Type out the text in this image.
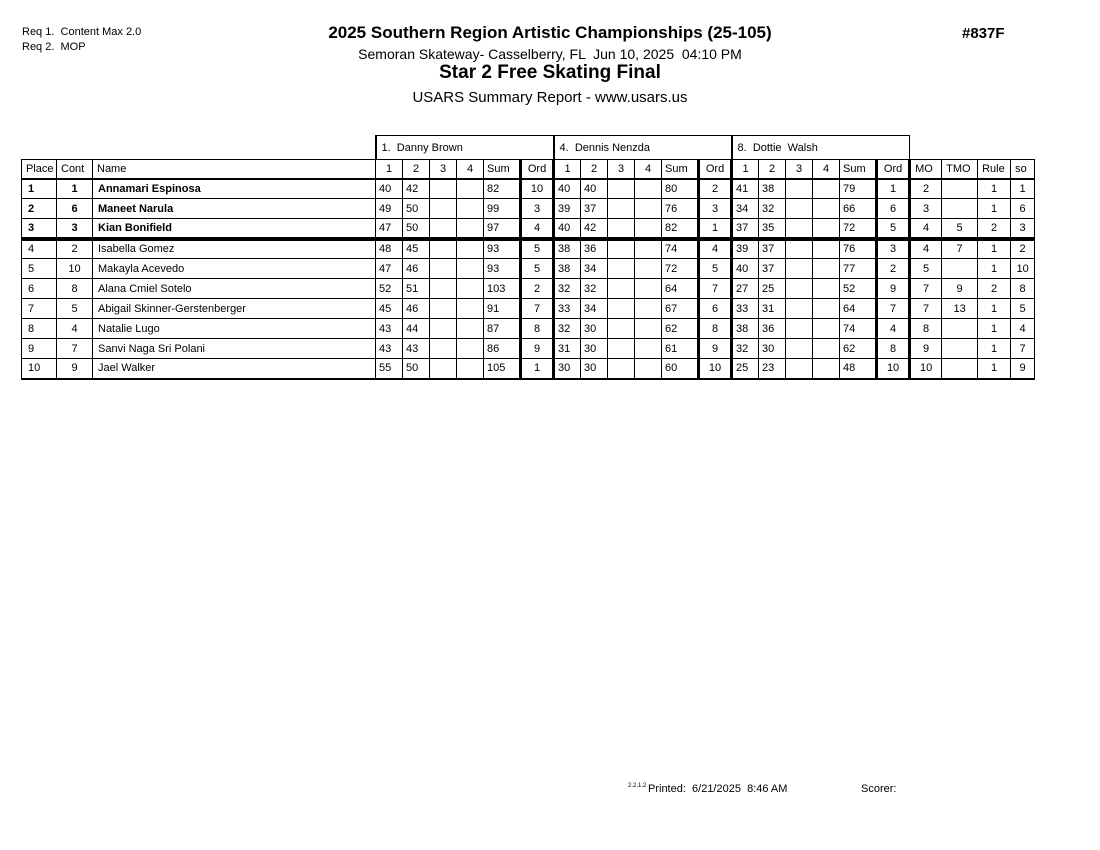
Req 1.  Content Max 2.0
Req 2.  MOP
2025 Southern Region Artistic Championships (25-105)
Semoran Skateway- Casselberry, FL  Jun 10, 2025  04:10 PM
Star 2 Free Skating Final
USARS Summary Report - www.usars.us
#837F
			1.  Danny Brown						4.  Dennis Nenzda						8.  Dottie  Walsh									
Place	Cont	Name	1	2	3	4	Sum	Ord	1	2	3	4	Sum	Ord	1	2	3	4	Sum	Ord	MO	TMO	Rule	so
1	1	Annamari Espinosa	40	42			82	10	40	40			80	2	41	38			79	1	2		1	1
2	6	Maneet Narula	49	50			99	3	39	37			76	3	34	32			66	6	3		1	6
3	3	Kian Bonifield	47	50			97	4	40	42			82	1	37	35			72	5	4	5	2	3
4	2	Isabella Gomez	48	45			93	5	38	36			74	4	39	37			76	3	4	7	1	2
5	10	Makayla Acevedo	47	46			93	5	38	34			72	5	40	37			77	2	5		1	10
6	8	Alana Cmiel Sotelo	52	51			103	2	32	32			64	7	27	25			52	9	7	9	2	8
7	5	Abigail Skinner-Gerstenberger	45	46			91	7	33	34			67	6	33	31			64	7	7	13	1	5
8	4	Natalie Lugo	43	44			87	8	32	30			62	8	38	36			74	4	8		1	4
9	7	Sanvi Naga Sri Polani	43	43			86	9	31	30			61	9	32	30			62	8	9		1	7
10	9	Jael Walker	55	50			105	1	30	30			60	10	25	23			48	10	10		1	9
2.2.1.2 Printed:  6/21/2025  8:46 AM	Scorer:
